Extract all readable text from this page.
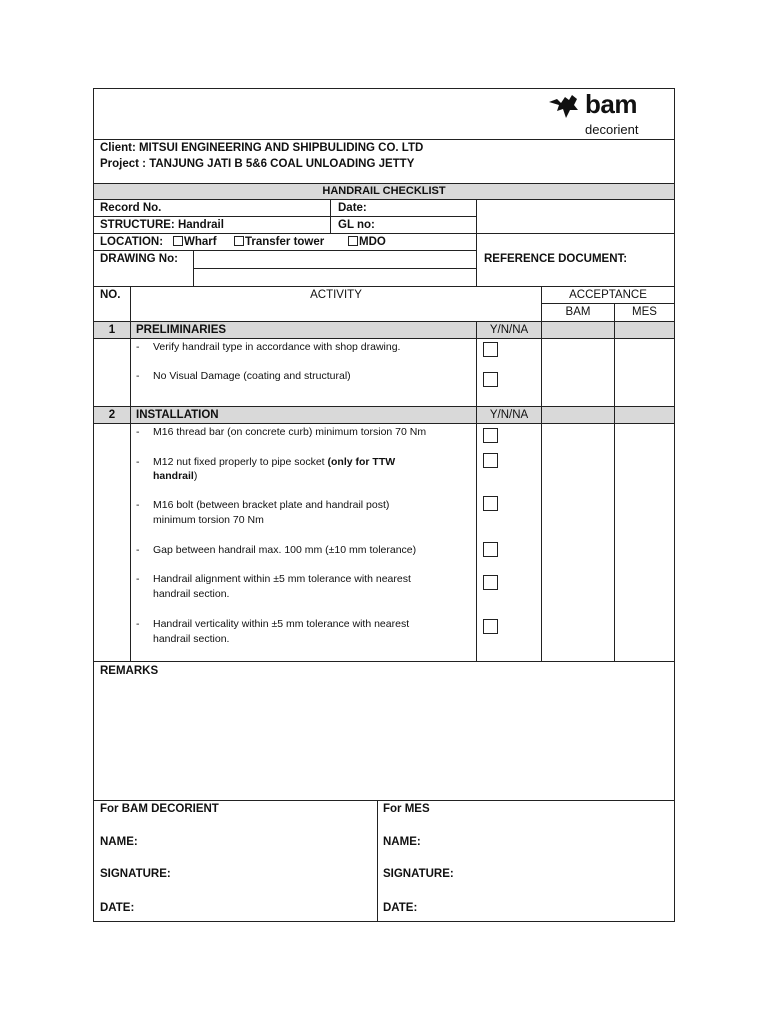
bam
decorient
Client: MITSUI ENGINEERING AND SHIPBULIDING CO. LTD
Project : TANJUNG JATI B 5&6 COAL UNLOADING JETTY
HANDRAIL CHECKLIST
Record No.	Date:
STRUCTURE: Handrail	GL no:
LOCATION:	Wharf	Transfer tower	MDO
DRAWING No:	REFERENCE DOCUMENT:
NO.	ACTIVITY	ACCEPTANCE
BAM	MES
1	PRELIMINARIES	Y/N/NA
- Verify handrail type in accordance with shop drawing.
- No Visual Damage (coating and structural)
2	INSTALLATION	Y/N/NA
- M16 thread bar (on concrete curb) minimum torsion 70 Nm
- M12 nut fixed properly to pipe socket (only for TTW
handrail)
- M16 bolt (between bracket plate and handrail post)
minimum torsion 70 Nm
- Gap between handrail max. 100 mm (±10 mm tolerance)
- Handrail alignment within ±5 mm tolerance with nearest
handrail section.
- Handrail verticality within ±5 mm tolerance with nearest
handrail section.
REMARKS
For BAM DECORIENT
NAME:
SIGNATURE:
DATE:
For MES
NAME:
SIGNATURE:
DATE:
